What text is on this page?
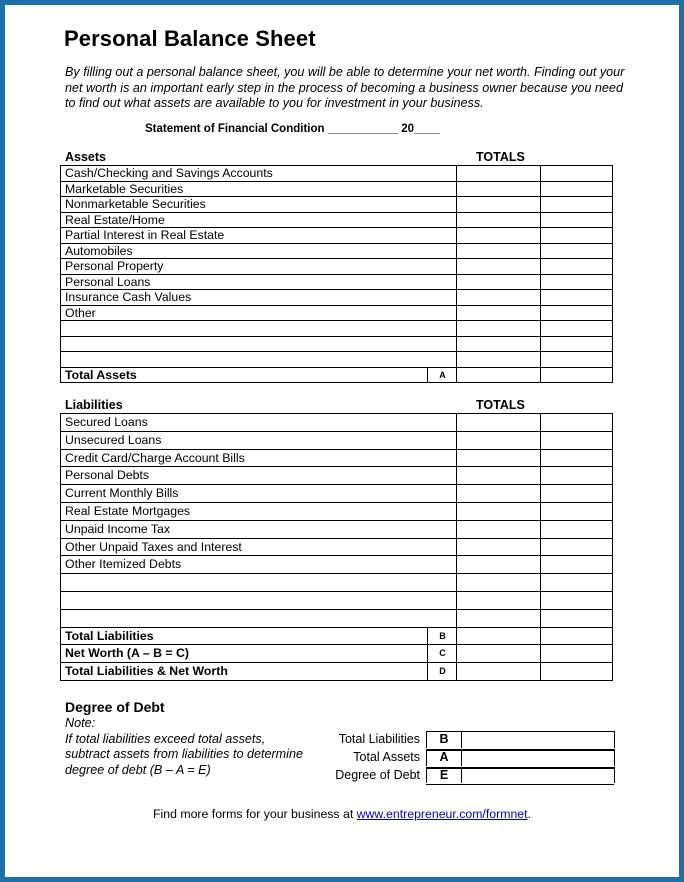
Personal Balance Sheet
By filling out a personal balance sheet, you will be able to determine your net worth. Finding out your net worth is an important early step in the process of becoming a business owner because you need to find out what assets are available to you for investment in your business.
Statement of Financial Condition ___________ 20____
Assets	TOTALS
Cash/Checking and Savings Accounts
Marketable Securities
Nonmarketable Securities
Real Estate/Home
Partial Interest in Real Estate
Automobiles
Personal Property
Personal Loans
Insurance Cash Values
Other
Total Assets	A
Liabilities	TOTALS
Secured Loans
Unsecured Loans
Credit Card/Charge Account Bills
Personal Debts
Current Monthly Bills
Real Estate Mortgages
Unpaid Income Tax
Other Unpaid Taxes and Interest
Other Itemized Debts
Total Liabilities	B
Net Worth (A – B = C)	C
Total Liabilities & Net Worth	D
Degree of Debt
Note:
If total liabilities exceed total assets, subtract assets from liabilities to determine degree of debt (B – A = E)
Total Liabilities	B
Total Assets	A
Degree of Debt	E
Find more forms for your business at www.entrepreneur.com/formnet.
